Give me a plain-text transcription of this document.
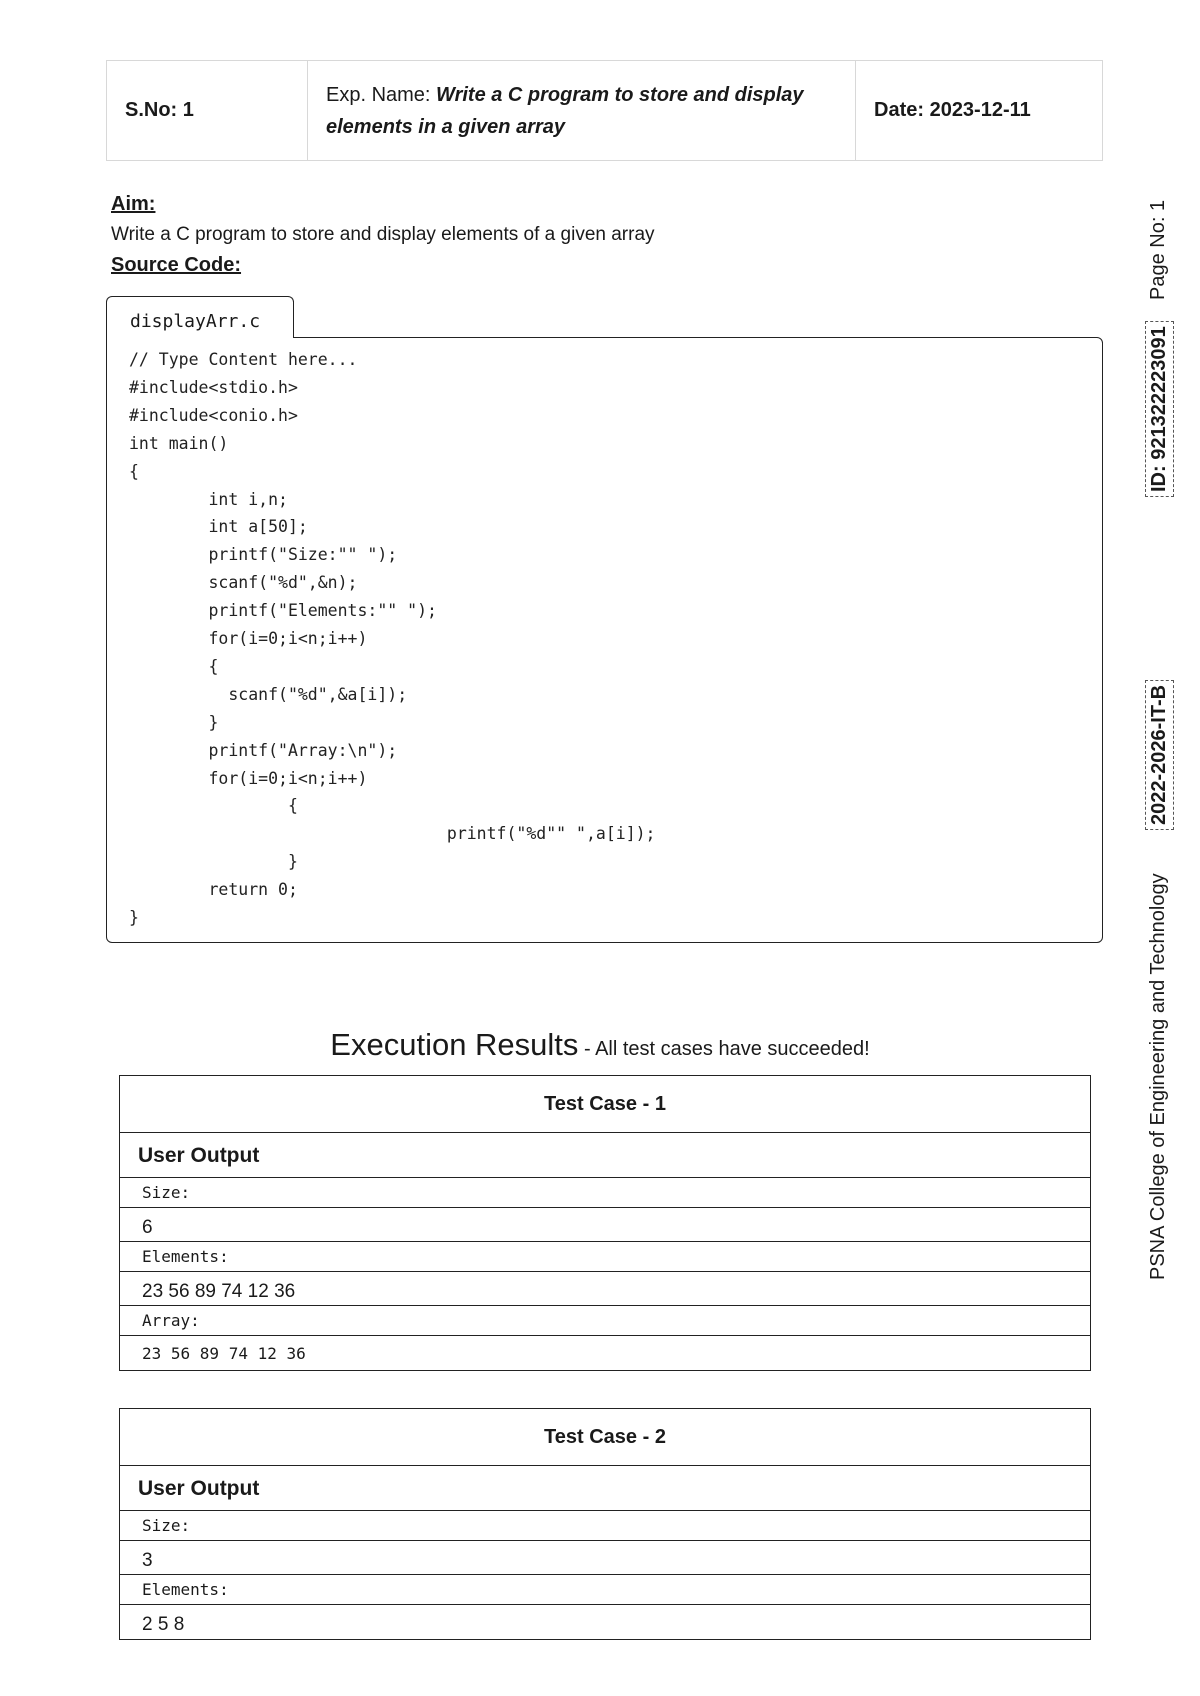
S.No: 1	Exp. Name: Write a C program to store and display elements in a given array	Date: 2023-12-11
Aim:
Write a C program to store and display elements of a given array
Source Code:
displayArr.c
// Type Content here...
#include<stdio.h>
#include<conio.h>
int main()
{
int i,n;
int a[50];
printf("Size:"" ");
scanf("%d",&n);
printf("Elements:"" ");
for(i=0;i<n;i++)
{
scanf("%d",&a[i]);
}
printf("Array:\n");
for(i=0;i<n;i++)
{
printf("%d"" ",a[i]);
}
return 0;
}
Execution Results - All test cases have succeeded!
Test Case - 1
User Output
Size:
6
Elements:
23 56 89 74 12 36
Array:
23 56 89 74 12 36
Test Case - 2
User Output
Size:
3
Elements:
2 5 8
Page No: 1
ID: 921322223091
2022-2026-IT-B
PSNA College of Engineering and Technology
